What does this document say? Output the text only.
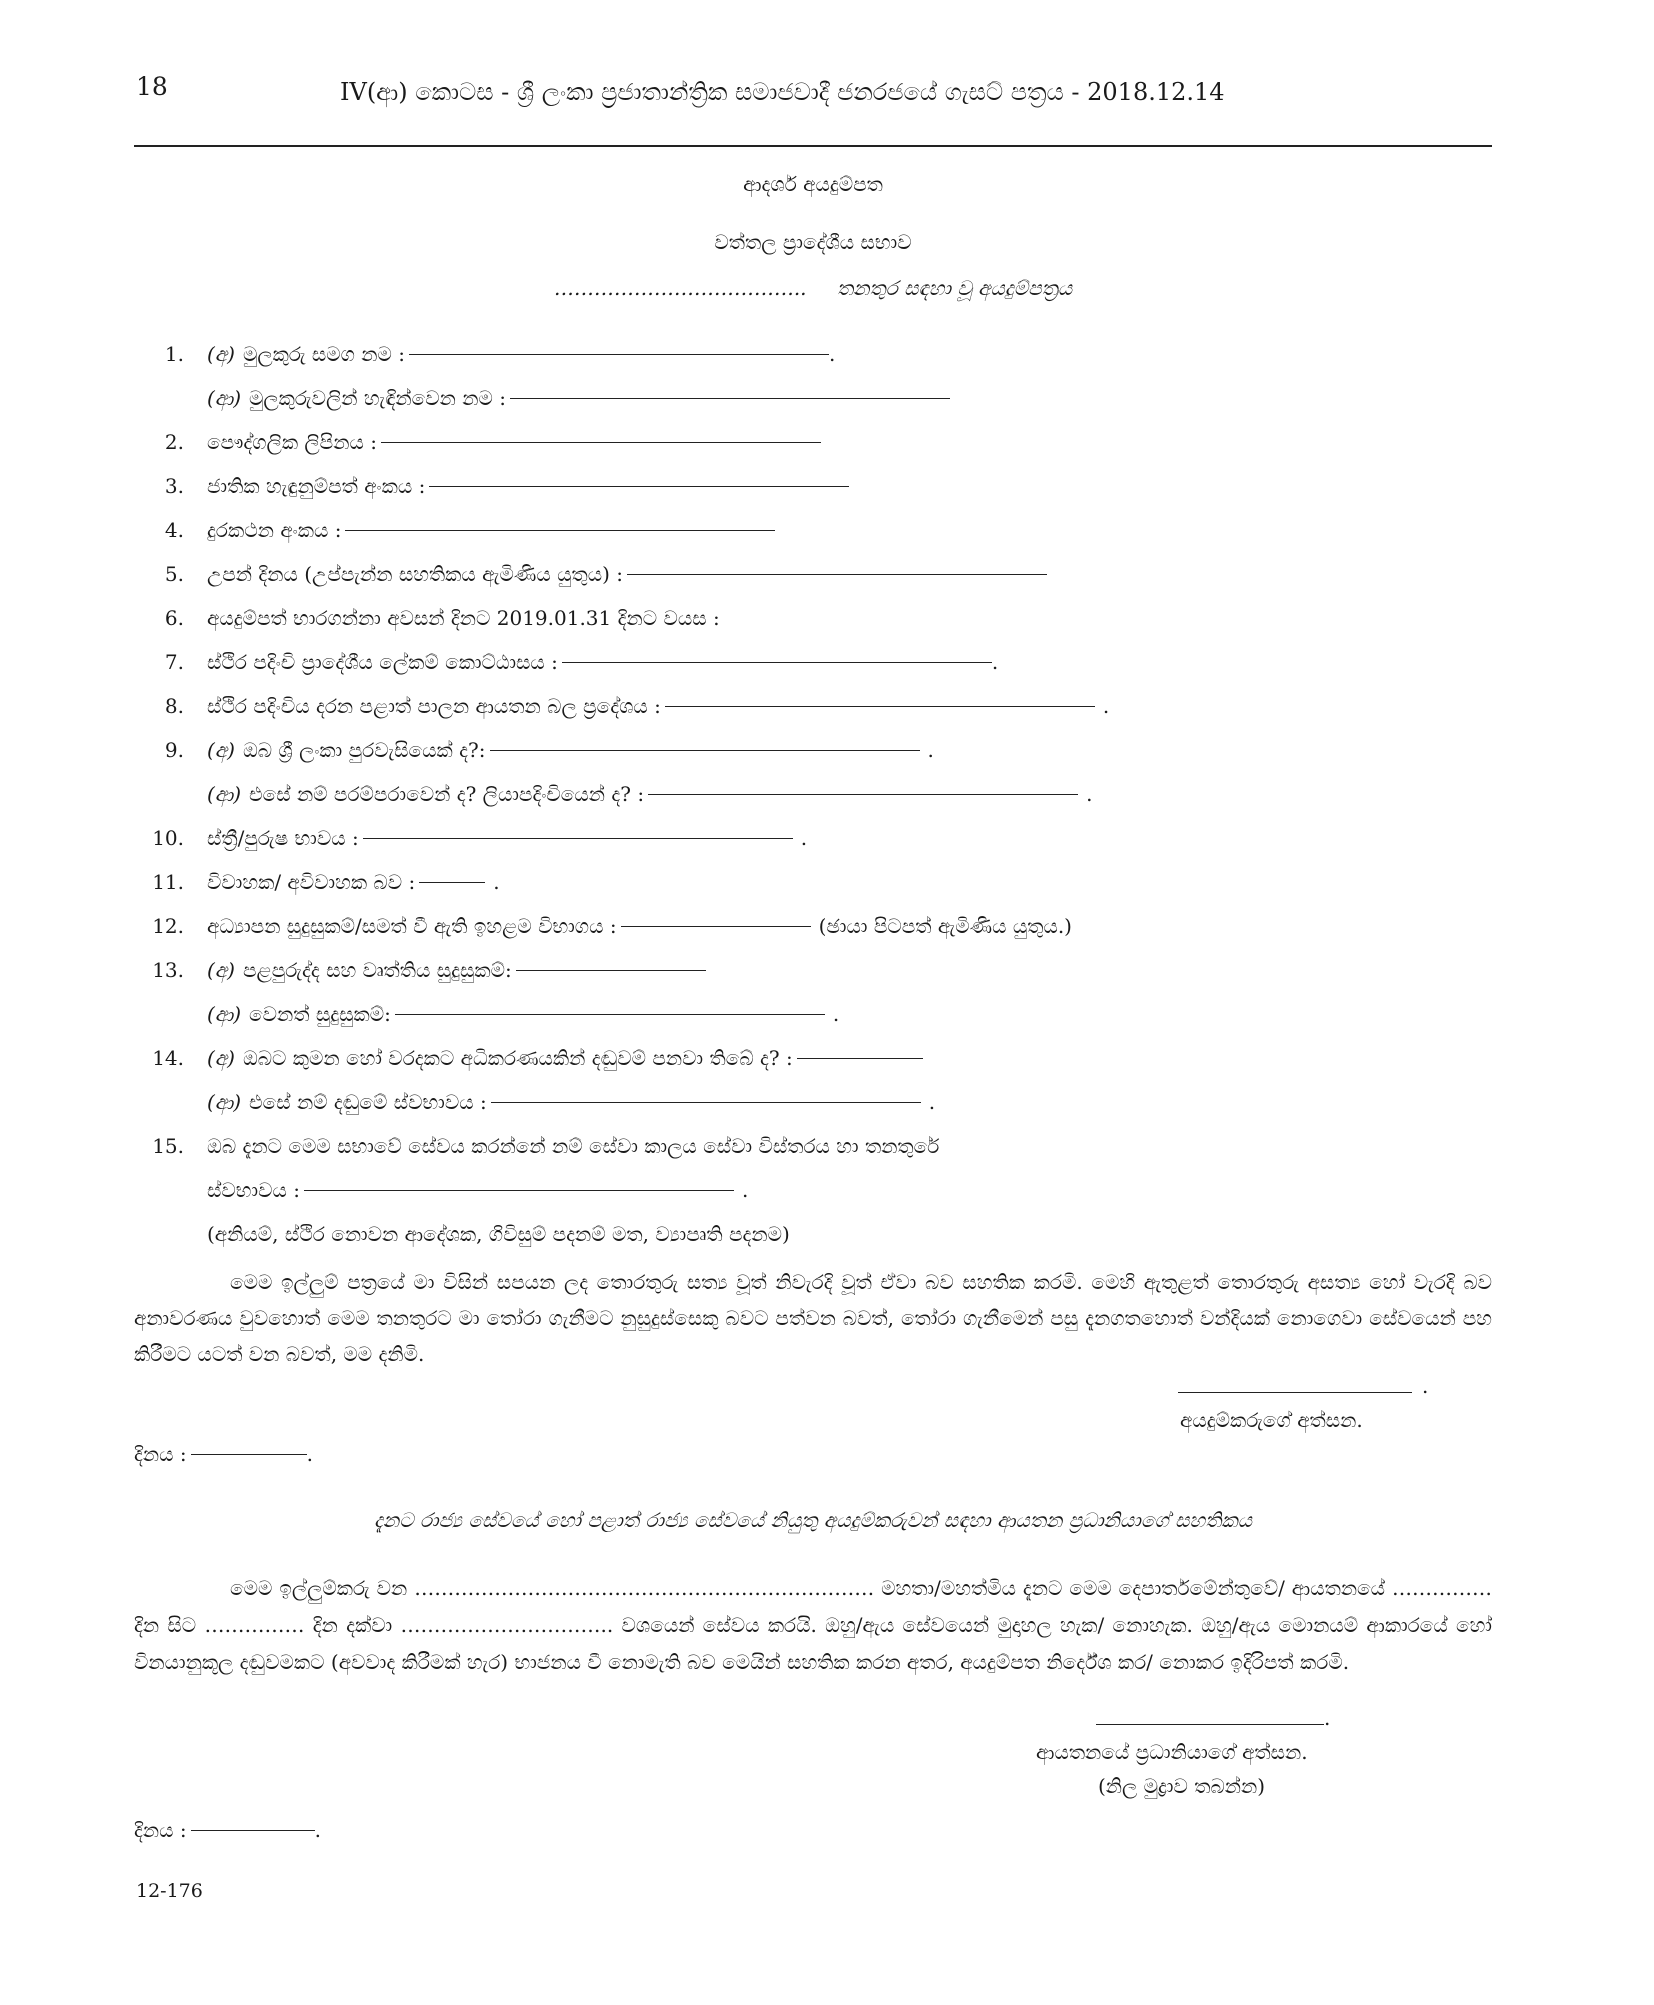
18	IV(ආ) කොටස - ශ්‍රී ලංකා ප්‍රජාතාන්ත්‍රික සමාජවාදී ජනරජයේ ගැසට් පත්‍රය - 2018.12.14
ආදර්ශ අයදුම්පත
වත්තල ප්‍රාදේශීය සභාව
……………………………….. තනතුර සඳහා වූ අයදුම්පත්‍රය
1. (අ) මුලකුරු සමග නම :	.
(ආ) මුලකුරුවලින් හැඳින්වෙන නම :
2. පෞද්ගලික ලිපිනය :
3. ජාතික හැඳුනුම්පත් අංකය :
4. දුරකථන අංකය :
5. උපන් දිනය (උප්පැන්න සහතිකය ඇමිණිය යුතුය) :
6. අයදුම්පත් භාරගන්නා අවසන් දිනට 2019.01.31 දිනට වයස :
7. ස්ථිර පදිංචි ප්‍රාදේශීය ලේකම් කොට්ඨාසය :	.
8. ස්ථිර පදිංචිය දරන පළාත් පාලන ආයතන බල ප්‍රදේශය :	.
9. (අ) ඔබ ශ්‍රී ලංකා පුරවැසියෙක් ද?:	.
(ආ) එසේ නම් පරම්පරාවෙන් ද? ලියාපදිංචියෙන් ද? :	.
10. ස්ත්‍රී/පුරුෂ භාවය :	.
11. විවාහක/ අවිවාහක බව :	.
12. අධ්‍යාපන සුදුසුකම්/සමත් වී ඇති ඉහළම විභාගය :	(ඡායා පිටපත් ඇමිණිය යුතුය.)
13. (අ) පළපුරුද්ද සහ වෘත්තිය සුදුසුකම්:
(ආ) වෙනත් සුදුසුකම්:	.
14. (අ) ඔබට කුමන හෝ වරදකට අධිකරණයකින් දඬුවම් පනවා තිබේ ද? :
(ආ) එසේ නම් දඬුමේ ස්වභාවය :	.
15. ඔබ දැනට මෙම සභාවේ සේවය කරන්නේ නම් සේවා කාලය සේවා විස්තරය හා තනතුරේ
ස්වභාවය :	.
(අනියම්, ස්ථිර නොවන ආදේශක, ගිවිසුම් පදනම් මත, ව්‍යාපෘති පදනම)
මෙම ඉල්ලුම් පත්‍රයේ මා විසින් සපයන ලද තොරතුරු සත්‍ය වූත් නිවැරදි වූත් ඒවා බව සහතික කරමි. මෙහි ඇතුළත් තොරතුරු අසත්‍ය හෝ වැරදි බව අනාවරණය වුවහොත් මෙම තනතුරට මා තෝරා ගැනීමට නුසුදුස්සෙකු බවට පත්වන බවත්, තෝරා ගැනීමෙන් පසු දැනගතහොත් වන්දියක් නොගෙවා සේවයෙන් පහ කිරීමට යටත් වන බවත්, මම දනිමි.
.
අයදුම්කරුගේ අත්සන.
දිනය :	.
දැනට රාජ්‍ය සේවයේ හෝ පළාත් රාජ්‍ය සේවයේ නියුතු අයදුම්කරුවන් සඳහා ආයතන ප්‍රධානියාගේ සහතිකය
මෙම ඉල්ලුම්කරු වන …………………………………………………………… මහතා/මහත්මිය දැනට මෙම දෙපාර්තමේන්තුවේ/ ආයතනයේ …………… දින සිට …………… දින දක්වා ………………………….. වශයෙන් සේවය කරයි. ඔහු/ඇය සේවයෙන් මුදාහල හැක/ නොහැක. ඔහු/ඇය මොනයම් ආකාරයේ හෝ විනයානුකූල දඬුවමකට (අවවාද කිරීමක් හැර) භාජනය වී නොමැති බව මෙයින් සහතික කරන අතර, අයදුම්පත නිර්දේශ කර/ නොකර ඉදිරිපත් කරමි.
.
ආයතනයේ ප්‍රධානියාගේ අත්සන.
(නිල මුද්‍රාව තබන්න)
දිනය :	.
12-176
